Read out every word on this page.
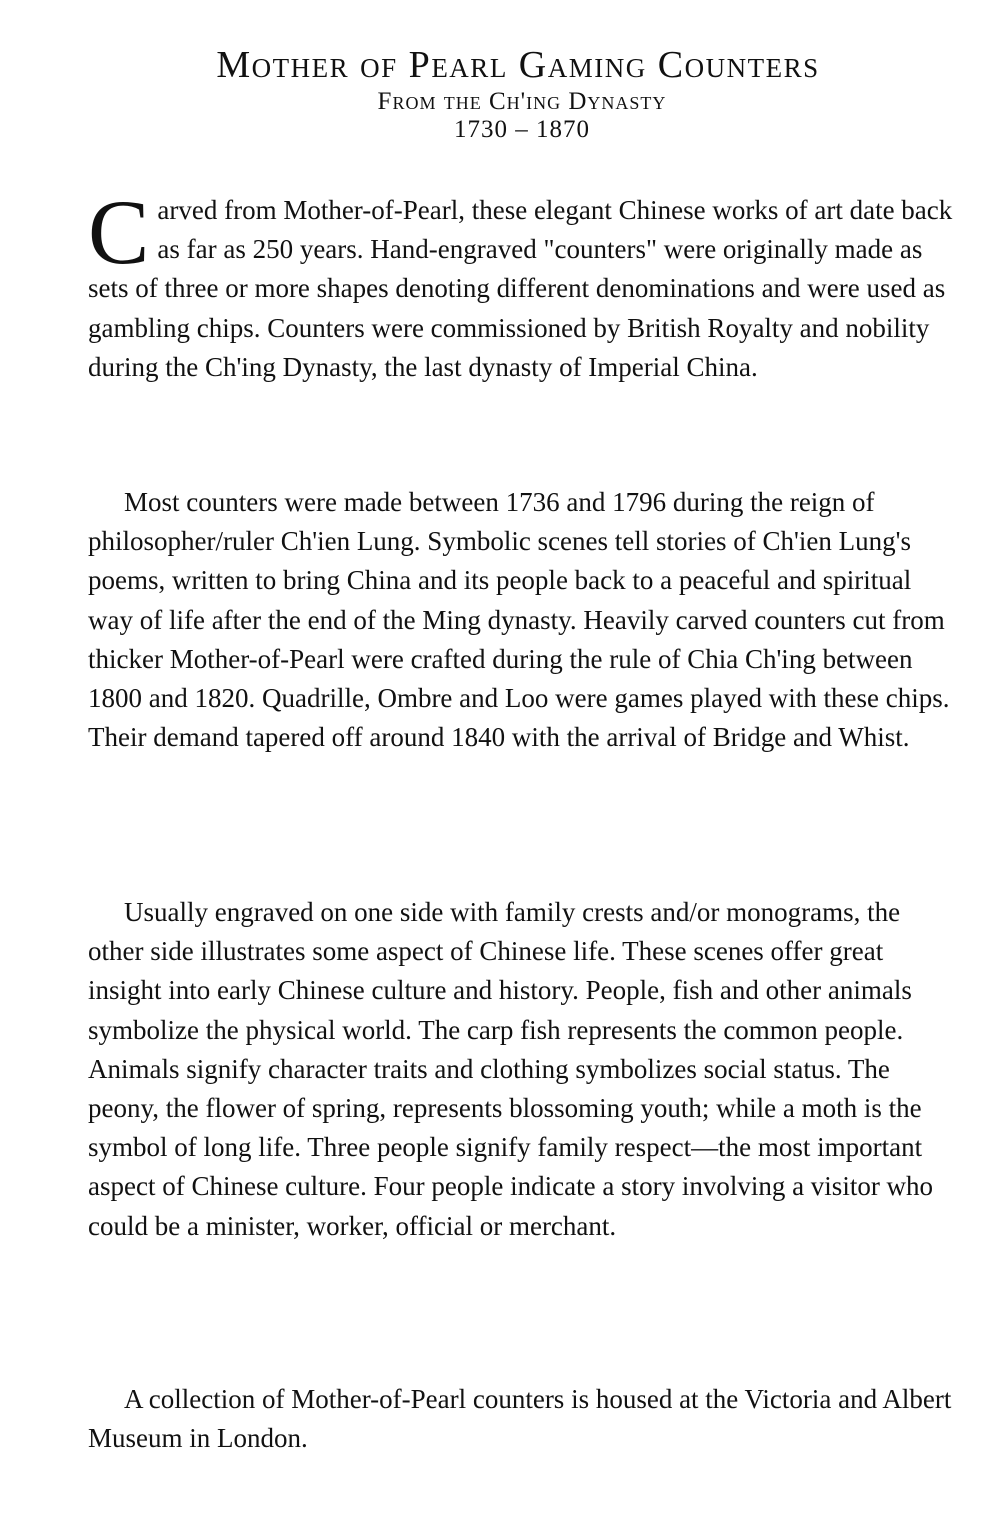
Mother of Pearl Gaming Counters
From the Ch'ing Dynasty
1730 – 1870

Carved from Mother-of-Pearl, these elegant Chinese works of art date back as far as 250 years. Hand-engraved "counters" were originally made as sets of three or more shapes denoting different denominations and were used as gambling chips. Counters were commissioned by British Royalty and nobility during the Ch'ing Dynasty, the last dynasty of Imperial China.

Most counters were made between 1736 and 1796 during the reign of philosopher/ruler Ch'ien Lung. Symbolic scenes tell stories of Ch'ien Lung's poems, written to bring China and its people back to a peaceful and spiritual way of life after the end of the Ming dynasty. Heavily carved counters cut from thicker Mother-of-Pearl were crafted during the rule of Chia Ch'ing between 1800 and 1820. Quadrille, Ombre and Loo were games played with these chips. Their demand tapered off around 1840 with the arrival of Bridge and Whist.

Usually engraved on one side with family crests and/or monograms, the other side illustrates some aspect of Chinese life. These scenes offer great insight into early Chinese culture and history. People, fish and other animals symbolize the physical world. The carp fish represents the common people. Animals signify character traits and clothing symbolizes social status. The peony, the flower of spring, represents blossoming youth; while a moth is the symbol of long life. Three people signify family respect—the most important aspect of Chinese culture. Four people indicate a story involving a visitor who could be a minister, worker, official or merchant.

A collection of Mother-of-Pearl counters is housed at the Victoria and Albert Museum in London.
